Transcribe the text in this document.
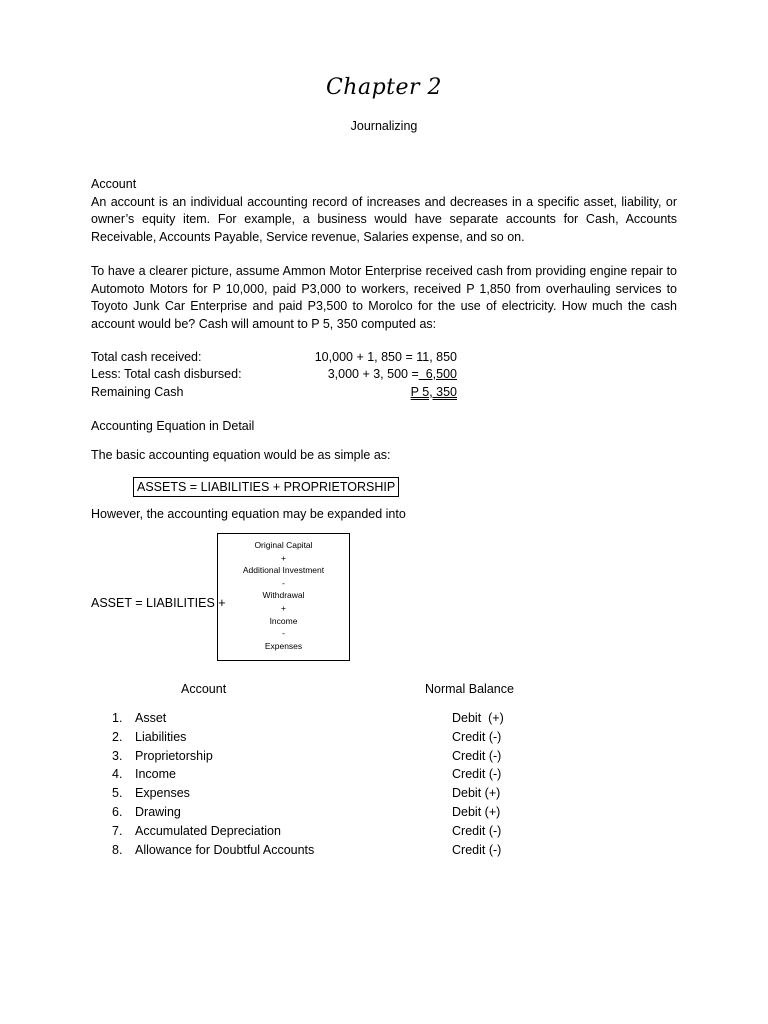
Chapter 2
Journalizing
Account
An account is an individual accounting record of increases and decreases in a specific asset, liability, or owner’s equity item. For example, a business would have separate accounts for Cash, Accounts Receivable, Accounts Payable, Service revenue, Salaries expense, and so on.
To have a clearer picture, assume Ammon Motor Enterprise received cash from providing engine repair to Automoto Motors for P 10,000, paid P3,000 to workers, received P 1,850 from overhauling services to Toyoto Junk Car Enterprise and paid P3,500 to Morolco for the use of electricity. How much the cash account would be? Cash will amount to P 5, 350 computed as:
Total cash received:	10,000 + 1, 850 = 11, 850
Less: Total cash disbursed:	3,000 + 3, 500 =  6,500
Remaining Cash	P 5, 350
Accounting Equation in Detail
The basic accounting equation would be as simple as:
ASSETS = LIABILITIES + PROPRIETORSHIP
However, the accounting equation may be expanded into
ASSET = LIABILITIES +
Original Capital
+
Additional Investment
-
Withdrawal
+
Income
-
Expenses
Account	Normal Balance
1. Asset	Debit  (+)
2. Liabilities	Credit (-)
3. Proprietorship	Credit (-)
4. Income	Credit (-)
5. Expenses	Debit (+)
6. Drawing	Debit (+)
7. Accumulated Depreciation	Credit (-)
8. Allowance for Doubtful Accounts	Credit (-)
